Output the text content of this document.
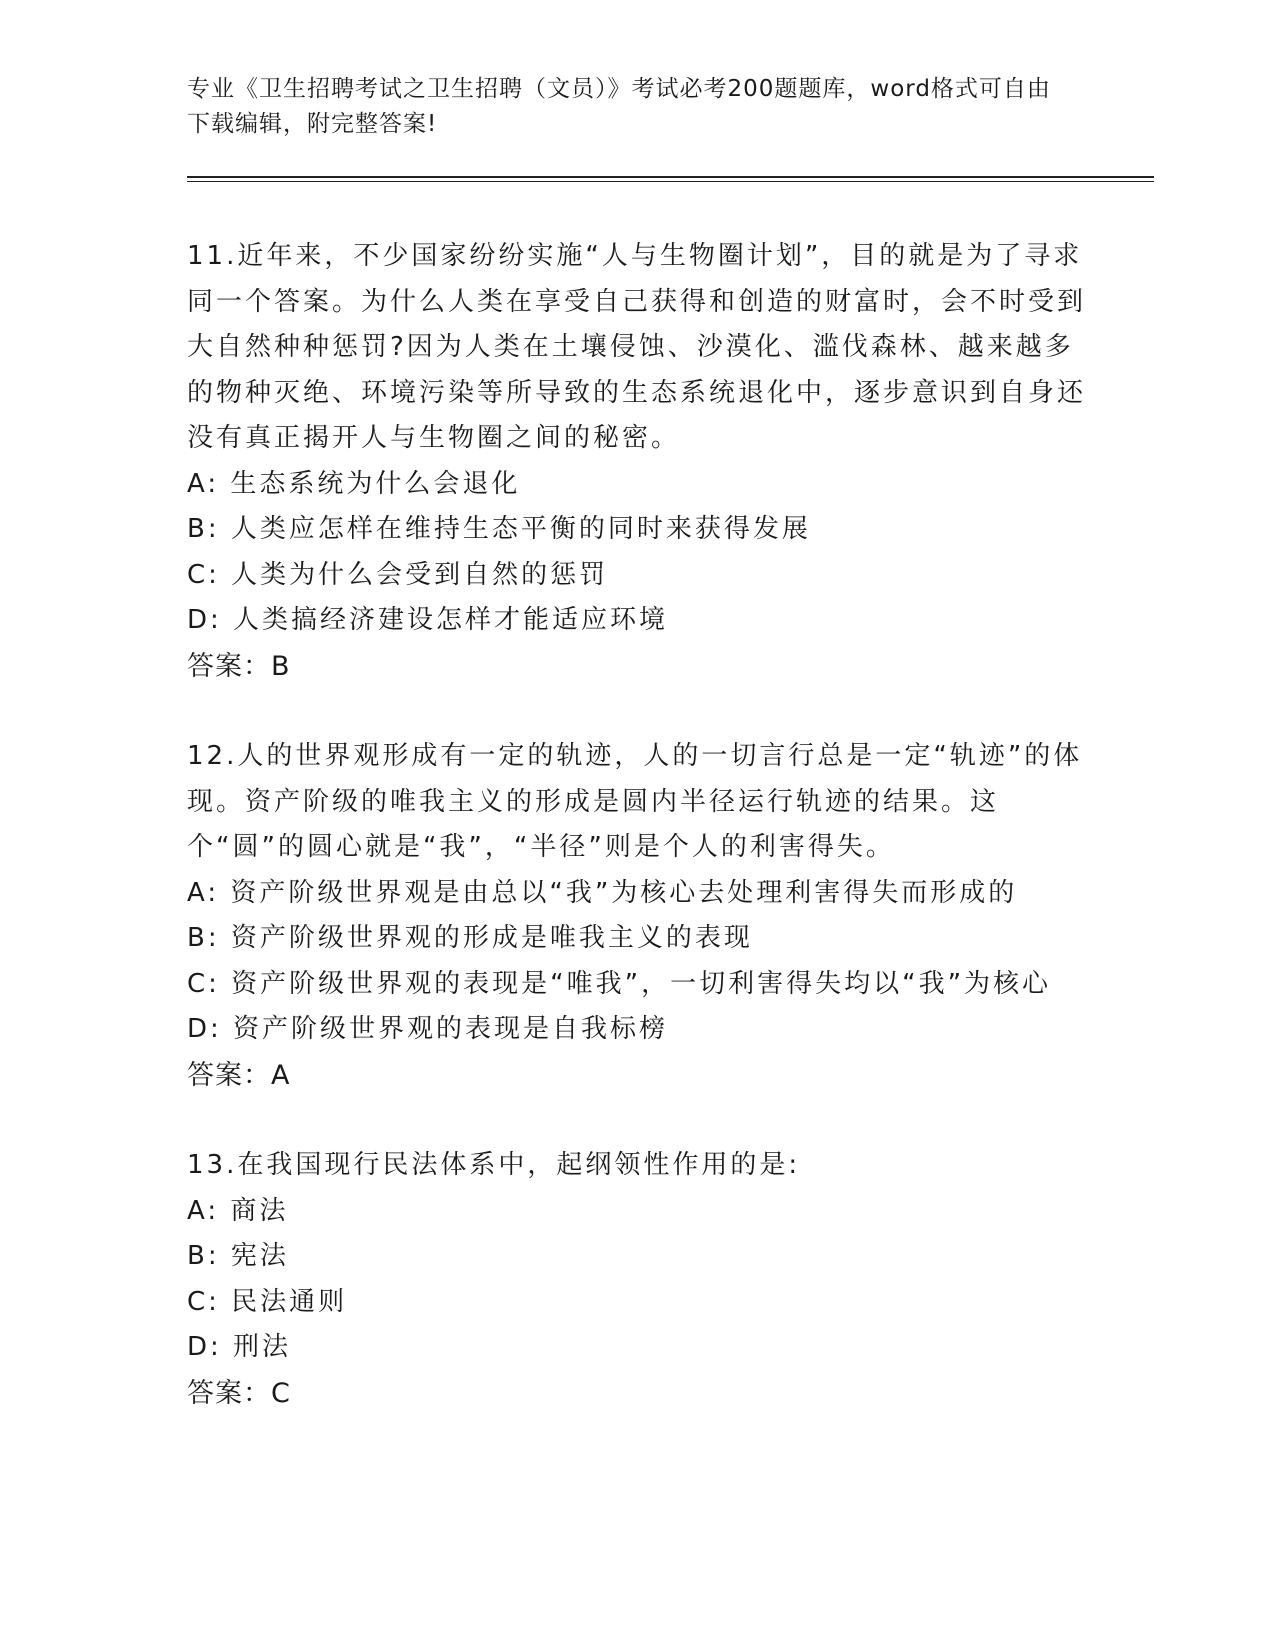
专业《卫生招聘考试之卫生招聘（文员）》考试必考200题题库，word格式可自由下载编辑，附完整答案!
11.近年来，不少国家纷纷实施“人与生物圈计划”，目的就是为了寻求同一个答案。为什么人类在享受自己获得和创造的财富时，会不时受到大自然种种惩罚?因为人类在土壤侵蚀、沙漠化、滥伐森林、越来越多的物种灭绝、环境污染等所导致的生态系统退化中，逐步意识到自身还没有真正揭开人与生物圈之间的秘密。
A: 生态系统为什么会退化
B: 人类应怎样在维持生态平衡的同时来获得发展
C: 人类为什么会受到自然的惩罚
D: 人类搞经济建设怎样才能适应环境
答案：B
12.人的世界观形成有一定的轨迹，人的一切言行总是一定“轨迹”的体现。资产阶级的唯我主义的形成是圆内半径运行轨迹的结果。这个“圆”的圆心就是“我”，“半径”则是个人的利害得失。
A: 资产阶级世界观是由总以“我”为核心去处理利害得失而形成的
B: 资产阶级世界观的形成是唯我主义的表现
C: 资产阶级世界观的表现是“唯我”，一切利害得失均以“我”为核心
D: 资产阶级世界观的表现是自我标榜
答案：A
13.在我国现行民法体系中，起纲领性作用的是:
A: 商法
B: 宪法
C: 民法通则
D: 刑法
答案：C
